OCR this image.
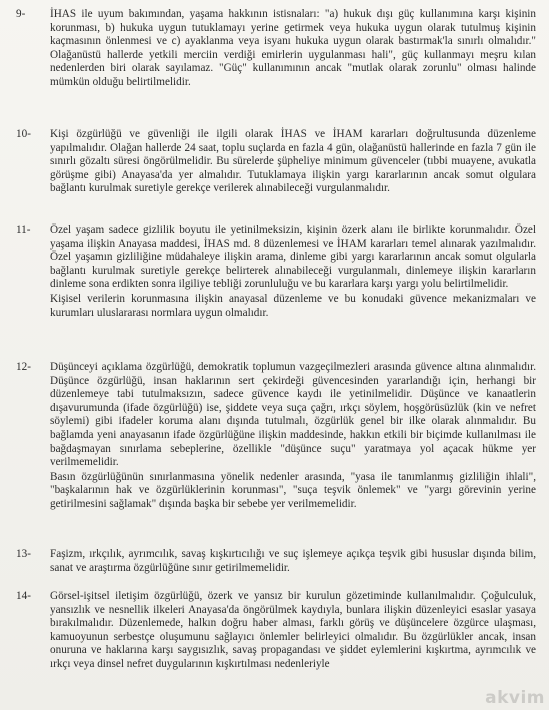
9- İHAS ile uyum bakımından, yaşama hakkının istisnaları: "a) hukuk dışı güç kullanımına karşı kişinin korunması, b) hukuka uygun tutuklamayı yerine getirmek veya hukuka uygun olarak tutulmuş kişinin kaçmasının önlenmesi ve c) ayaklanma veya isyanı hukuka uygun olarak bastırmak'la sınırlı olmalıdır." Olağanüstü hallerde yetkili merciin verdiği emirlerin uygulanması hali", güç kullanmayı meşru kılan nedenlerden biri olarak sayılamaz. "Güç" kullanımının ancak "mutlak olarak zorunlu" olması halinde mümkün olduğu belirtilmelidir.

10- Kişi özgürlüğü ve güvenliği ile ilgili olarak İHAS ve İHAM kararları doğrultusunda düzenleme yapılmalıdır. Olağan hallerde 24 saat, toplu suçlarda en fazla 4 gün, olağanüstü hallerinde en fazla 7 gün ile sınırlı gözaltı süresi öngörülmelidir. Bu sürelerde şüpheliye minimum güvenceler (tıbbi muayene, avukatla görüşme gibi) Anayasa'da yer almalıdır. Tutuklamaya ilişkin yargı kararlarının ancak somut olgulara bağlantı kurulmak suretiyle gerekçe verilerek alınabileceği vurgulanmalıdır.

11- Özel yaşam sadece gizlilik boyutu ile yetinilmeksizin, kişinin özerk alanı ile birlikte korunmalıdır. Özel yaşama ilişkin Anayasa maddesi, İHAS md. 8 düzenlemesi ve İHAM kararları temel alınarak yazılmalıdır. Özel yaşamın gizliliğine müdahaleye ilişkin arama, dinleme gibi yargı kararlarının ancak somut olgularla bağlantı kurulmak suretiyle gerekçe belirterek alınabileceği vurgulanmalı, dinlemeye ilişkin kararların dinleme sona erdikten sonra ilgiliye tebliği zorunluluğu ve bu kararlara karşı yargı yolu belirtilmelidir.

Kişisel verilerin korunmasına ilişkin anayasal düzenleme ve bu konudaki güvence mekanizmaları ve kurumları uluslararası normlara uygun olmalıdır.

12- Düşünceyi açıklama özgürlüğü, demokratik toplumun vazgeçilmezleri arasında güvence altına alınmalıdır. Düşünce özgürlüğü, insan haklarının sert çekirdeği güvencesinden yararlandığı için, herhangi bir düzenlemeye tabi tutulmaksızın, sadece güvence kaydı ile yetinilmelidir. Düşünce ve kanaatlerin dışavurumunda (ifade özgürlüğü) ise, şiddete veya suça çağrı, ırkçı söylem, hoşgörüsüzlük (kin ve nefret söylemi) gibi ifadeler koruma alanı dışında tutulmalı, özgürlük genel bir ilke olarak alınmalıdır. Bu bağlamda yeni anayasanın ifade özgürlüğüne ilişkin maddesinde, hakkın etkili bir biçimde kullanılması ile bağdaşmayan sınırlama sebeplerine, özellikle "düşünce suçu" yaratmaya yol açacak hükme yer verilmemelidir.

Basın özgürlüğünün sınırlanmasına yönelik nedenler arasında, "yasa ile tanımlanmış gizliliğin ihlali", "başkalarının hak ve özgürlüklerinin korunması", "suça teşvik önlemek" ve "yargı görevinin yerine getirilmesini sağlamak" dışında başka bir sebebe yer verilmemelidir.

13- Faşizm, ırkçılık, ayrımcılık, savaş kışkırtıcılığı ve suç işlemeye açıkça teşvik gibi hususlar dışında bilim, sanat ve araştırma özgürlüğüne sınır getirilmemelidir.

14- Görsel-işitsel iletişim özgürlüğü, özerk ve yansız bir kurulun gözetiminde kullanılmalıdır. Çoğulculuk, yansızlık ve nesnellik ilkeleri Anayasa'da öngörülmek kaydıyla, bunlara ilişkin düzenleyici esaslar yasaya bırakılmalıdır. Düzenlemede, halkın doğru haber alması, farklı görüş ve düşüncelere özgürce ulaşması, kamuoyunun serbestçe oluşumunu sağlayıcı önlemler belirleyici olmalıdır. Bu özgürlükler ancak, insan onuruna ve haklarına karşı saygısızlık, savaş propagandası ve şiddet eylemlerini kışkırtma, ayrımcılık ve ırkçı veya dinsel nefret duygularının kışkırtılması nedenleriyle

akvim
